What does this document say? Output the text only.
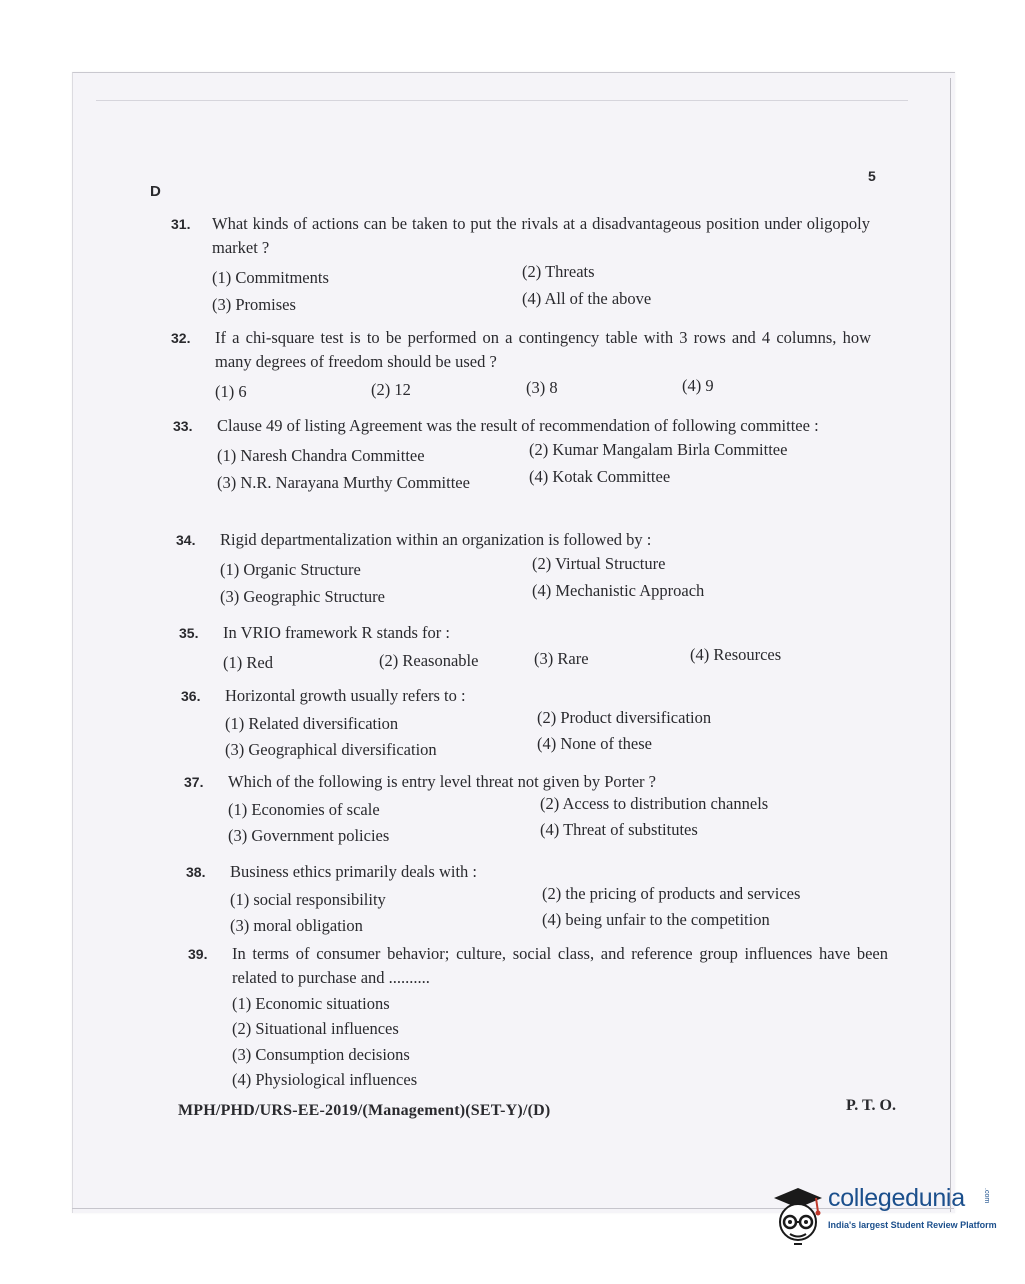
D
5
31. What kinds of actions can be taken to put the rivals at a disadvantageous position under oligopoly market ?
(1) Commitments	(2) Threats
(3) Promises	(4) All of the above
32. If a chi-square test is to be performed on a contingency table with 3 rows and 4 columns, how many degrees of freedom should be used ?
(1) 6	(2) 12	(3) 8	(4) 9
33. Clause 49 of listing Agreement was the result of recommendation of following committee :
(1) Naresh Chandra Committee	(2) Kumar Mangalam Birla Committee
(3) N.R. Narayana Murthy Committee	(4) Kotak Committee
34. Rigid departmentalization within an organization is followed by :
(1) Organic Structure	(2) Virtual Structure
(3) Geographic Structure	(4) Mechanistic Approach
35. In VRIO framework R stands for :
(1) Red	(2) Reasonable	(3) Rare	(4) Resources
36. Horizontal growth usually refers to :
(1) Related diversification	(2) Product diversification
(3) Geographical diversification	(4) None of these
37. Which of the following is entry level threat not given by Porter ?
(1) Economies of scale	(2) Access to distribution channels
(3) Government policies	(4) Threat of substitutes
38. Business ethics primarily deals with :
(1) social responsibility	(2) the pricing of products and services
(3) moral obligation	(4) being unfair to the competition
39. In terms of consumer behavior; culture, social class, and reference group influences have been related to purchase and ..........
(1) Economic situations
(2) Situational influences
(3) Consumption decisions
(4) Physiological influences
MPH/PHD/URS-EE-2019/(Management)(SET-Y)/(D)	P. T. O.
collegedunia
India's largest Student Review Platform
.com
